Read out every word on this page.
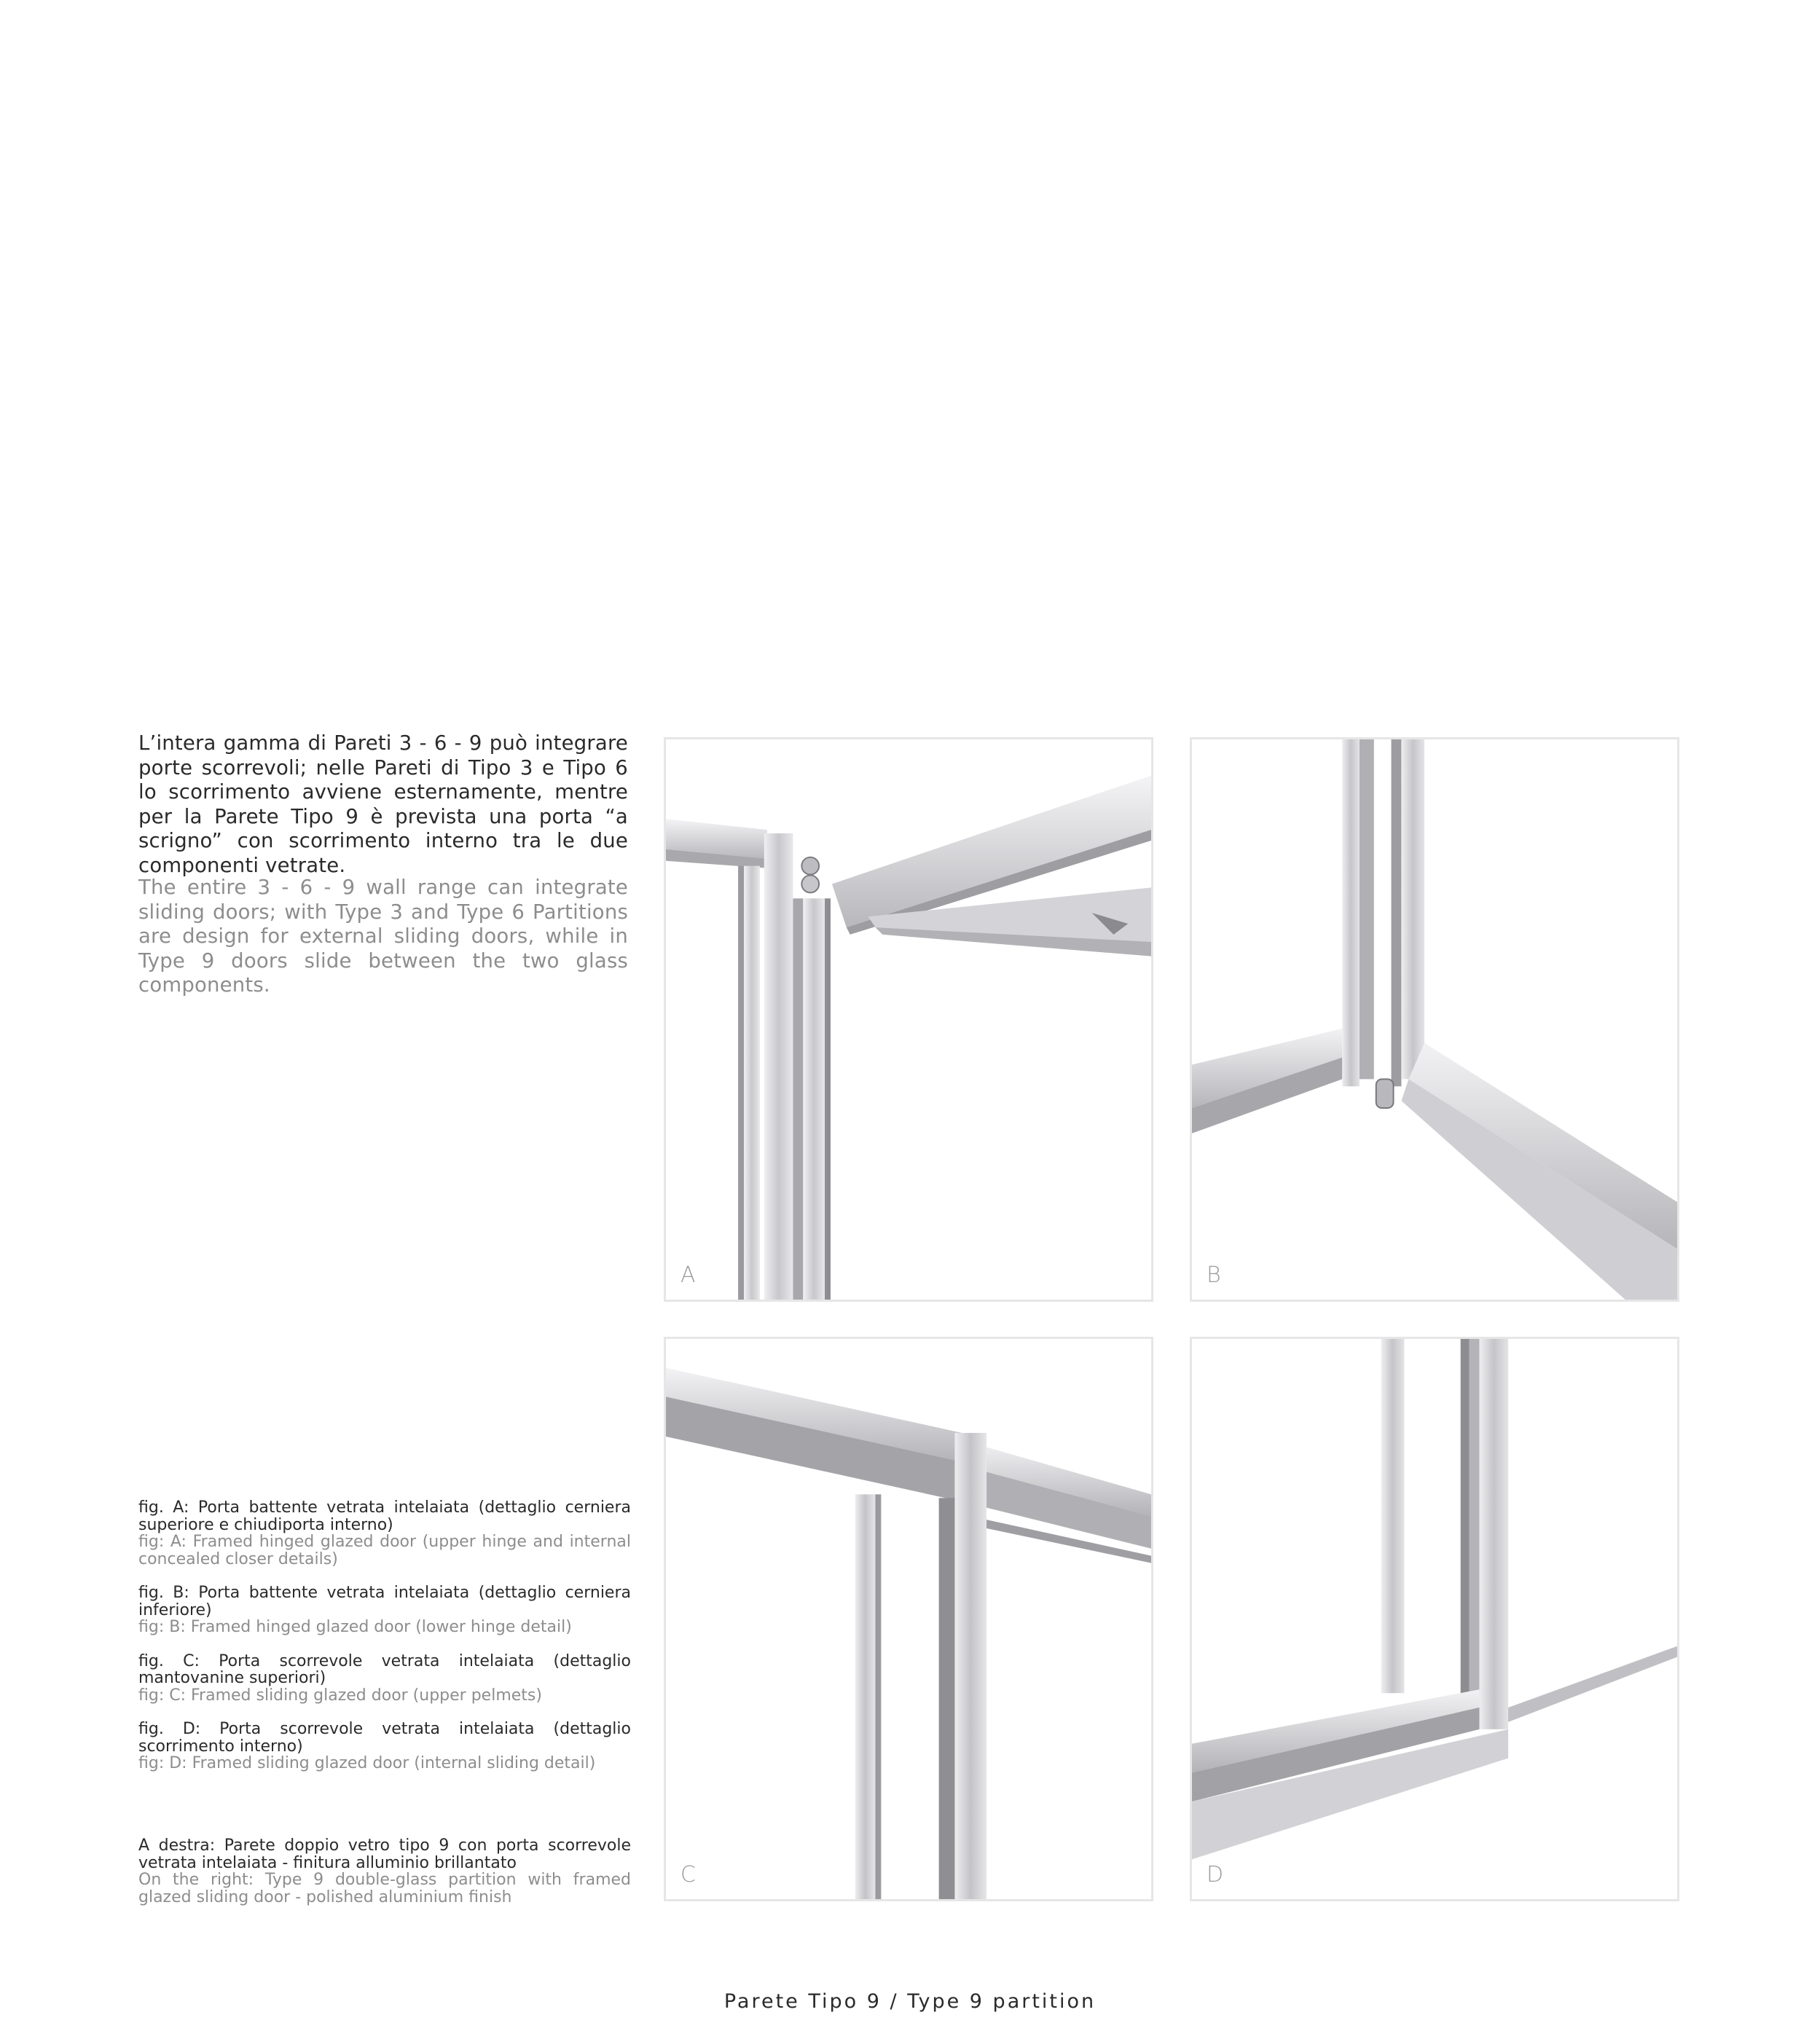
L’intera gamma di Pareti 3 - 6 - 9 può integrare porte scorrevoli; nelle Pareti di Tipo 3 e Tipo 6 lo scorrimento avviene esternamente, mentre per la Parete Tipo 9 è prevista una porta “a scrigno” con scorrimento interno tra le due componenti vetrate.

The entire 3 - 6 - 9 wall range can integrate sliding doors; with Type 3 and Type 6 Partitions are design for external sliding doors, while in Type 9 doors slide between the two glass components.

A	B
C	D

fig. A: Porta battente vetrata intelaiata (dettaglio cerniera superiore e chiudiporta interno)

fig: A: Framed hinged glazed door (upper hinge and internal concealed closer details)

fig. B: Porta battente vetrata intelaiata (dettaglio cerniera inferiore)

fig: B: Framed hinged glazed door (lower hinge detail)

fig. C: Porta scorrevole vetrata intelaiata (dettaglio mantovanine superiori)

fig: C: Framed sliding glazed door (upper pelmets)

fig. D: Porta scorrevole vetrata intelaiata (dettaglio scorrimento interno)

fig: D: Framed sliding glazed door (internal sliding detail)

A destra: Parete doppio vetro tipo 9 con porta scorrevole vetrata intelaiata - finitura alluminio brillantato

On the right: Type 9 double-glass partition with framed glazed sliding door - polished aluminium finish

Parete Tipo 9 / Type 9 partition
